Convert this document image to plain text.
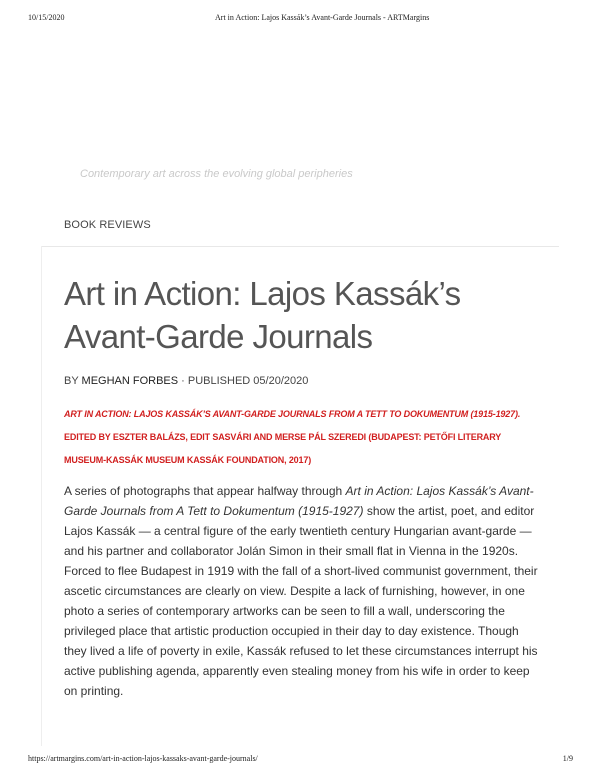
10/15/2020	Art in Action: Lajos Kassák’s Avant-Garde Journals - ARTMargins
Contemporary art across the evolving global peripheries
BOOK REVIEWS
Art in Action: Lajos Kassák’s Avant-Garde Journals
BY MEGHAN FORBES · PUBLISHED 05/20/2020

ART IN ACTION: LAJOS KASSÁK’S AVANT-GARDE JOURNALS FROM A TETT TO DOKUMENTUM (1915-1927). EDITED BY ESZTER BALÁZS, EDIT SASVÁRI AND MERSE PÁL SZEREDI (BUDAPEST: PETŐFI LITERARY MUSEUM-KASSÁK MUSEUM KASSÁK FOUNDATION, 2017)

A series of photographs that appear halfway through Art in Action: Lajos Kassák’s Avant-Garde Journals from A Tett to Dokumentum (1915-1927) show the artist, poet, and editor Lajos Kassák — a central figure of the early twentieth century Hungarian avant-garde — and his partner and collaborator Jolán Simon in their small flat in Vienna in the 1920s. Forced to flee Budapest in 1919 with the fall of a short-lived communist government, their ascetic circumstances are clearly on view. Despite a lack of furnishing, however, in one photo a series of contemporary artworks can be seen to fill a wall, underscoring the privileged place that artistic production occupied in their day to day existence. Though they lived a life of poverty in exile, Kassák refused to let these circumstances interrupt his active publishing agenda, apparently even stealing money from his wife in order to keep on printing.

https://artmargins.com/art-in-action-lajos-kassaks-avant-garde-journals/	1/9
